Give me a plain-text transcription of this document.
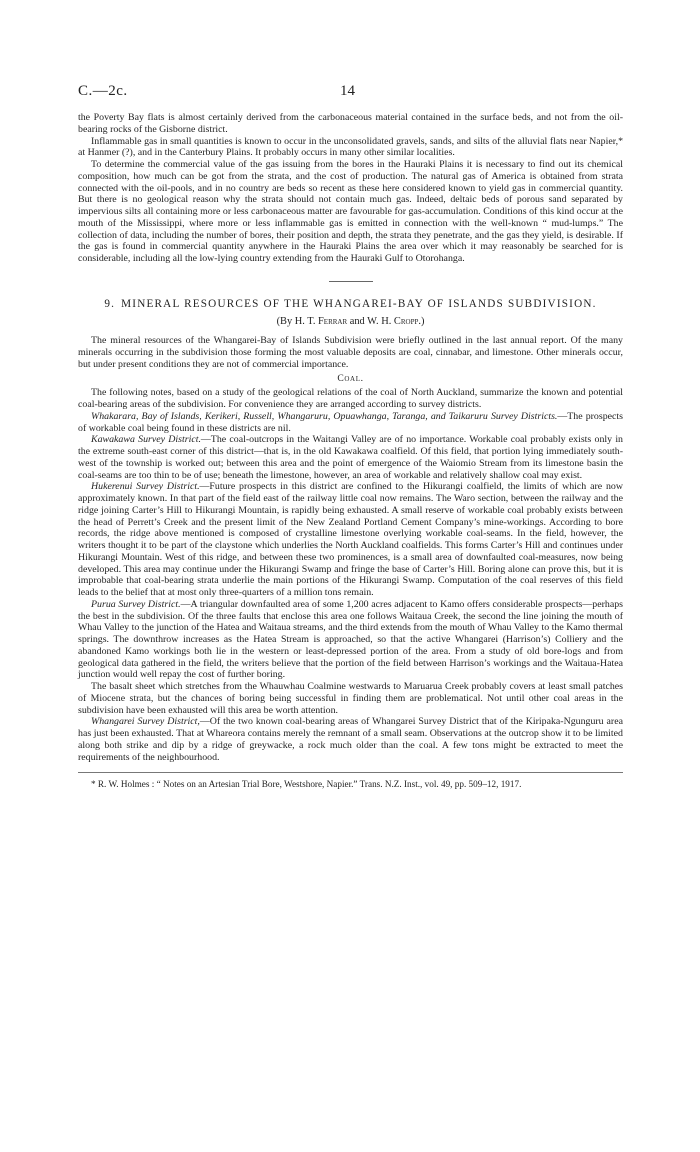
C.—2c.	14

the Poverty Bay flats is almost certainly derived from the carbonaceous material contained in the surface beds, and not from the oil-bearing rocks of the Gisborne district.

Inflammable gas in small quantities is known to occur in the unconsolidated gravels, sands, and silts of the alluvial flats near Napier,* at Hanmer (?), and in the Canterbury Plains. It probably occurs in many other similar localities.

To determine the commercial value of the gas issuing from the bores in the Hauraki Plains it is necessary to find out its chemical composition, how much can be got from the strata, and the cost of production. The natural gas of America is obtained from strata connected with the oil-pools, and in no country are beds so recent as these here considered known to yield gas in commercial quantity. But there is no geological reason why the strata should not contain much gas. Indeed, deltaic beds of porous sand separated by impervious silts all containing more or less carbonaceous matter are favourable for gas-accumulation. Conditions of this kind occur at the mouth of the Mississippi, where more or less inflammable gas is emitted in connection with the well-known “ mud-lumps.” The collection of data, including the number of bores, their position and depth, the strata they penetrate, and the gas they yield, is desirable. If the gas is found in commercial quantity anywhere in the Hauraki Plains the area over which it may reasonably be searched for is considerable, including all the low-lying country extending from the Hauraki Gulf to Otorohanga.

9. MINERAL RESOURCES OF THE WHANGAREI-BAY OF ISLANDS SUBDIVISION.

(By H. T. Ferrar and W. H. Cropp.)

The mineral resources of the Whangarei-Bay of Islands Subdivision were briefly outlined in the last annual report. Of the many minerals occurring in the subdivision those forming the most valuable deposits are coal, cinnabar, and limestone. Other minerals occur, but under present conditions they are not of commercial importance.

Coal.

The following notes, based on a study of the geological relations of the coal of North Auckland, summarize the known and potential coal-bearing areas of the subdivision. For convenience they are arranged according to survey districts.

Whakarara, Bay of Islands, Kerikeri, Russell, Whangaruru, Opuawhanga, Taranga, and Taikaruru Survey Districts.—The prospects of workable coal being found in these districts are nil.

Kawakawa Survey District.—The coal-outcrops in the Waitangi Valley are of no importance. Workable coal probably exists only in the extreme south-east corner of this district—that is, in the old Kawakawa coalfield. Of this field, that portion lying immediately south-west of the township is worked out; between this area and the point of emergence of the Waiomio Stream from its limestone basin the coal-seams are too thin to be of use; beneath the limestone, however, an area of workable and relatively shallow coal may exist.

Hukerenui Survey District.—Future prospects in this district are confined to the Hikurangi coalfield, the limits of which are now approximately known. In that part of the field east of the railway little coal now remains. The Waro section, between the railway and the ridge joining Carter’s Hill to Hikurangi Mountain, is rapidly being exhausted. A small reserve of workable coal probably exists between the head of Perrett’s Creek and the present limit of the New Zealand Portland Cement Company’s mine-workings. According to bore records, the ridge above mentioned is composed of crystalline limestone overlying workable coal-seams. In the field, however, the writers thought it to be part of the claystone which underlies the North Auckland coalfields. This forms Carter’s Hill and continues under Hikurangi Mountain. West of this ridge, and between these two prominences, is a small area of downfaulted coal-measures, now being developed. This area may continue under the Hikurangi Swamp and fringe the base of Carter’s Hill. Boring alone can prove this, but it is improbable that coal-bearing strata underlie the main portions of the Hikurangi Swamp. Computation of the coal reserves of this field leads to the belief that at most only three-quarters of a million tons remain.

Purua Survey District.—A triangular downfaulted area of some 1,200 acres adjacent to Kamo offers considerable prospects—perhaps the best in the subdivision. Of the three faults that enclose this area one follows Waitaua Creek, the second the line joining the mouth of Whau Valley to the junction of the Hatea and Waitaua streams, and the third extends from the mouth of Whau Valley to the Kamo thermal springs. The downthrow increases as the Hatea Stream is approached, so that the active Whangarei (Harrison’s) Colliery and the abandoned Kamo workings both lie in the western or least-depressed portion of the area. From a study of old bore-logs and from geological data gathered in the field, the writers believe that the portion of the field between Harrison’s workings and the Waitaua-Hatea junction would well repay the cost of further boring.

The basalt sheet which stretches from the Whauwhau Coalmine westwards to Maruarua Creek probably covers at least small patches of Miocene strata, but the chances of boring being successful in finding them are problematical. Not until other coal areas in the subdivision have been exhausted will this area be worth attention.

Whangarei Survey District,—Of the two known coal-bearing areas of Whangarei Survey District that of the Kiripaka-Ngunguru area has just been exhausted. That at Whareora contains merely the remnant of a small seam. Observations at the outcrop show it to be limited along both strike and dip by a ridge of greywacke, a rock much older than the coal. A few tons might be extracted to meet the requirements of the neighbourhood.

* R. W. Holmes : “ Notes on an Artesian Trial Bore, Westshore, Napier.” Trans. N.Z. Inst., vol. 49, pp. 509–12, 1917.
